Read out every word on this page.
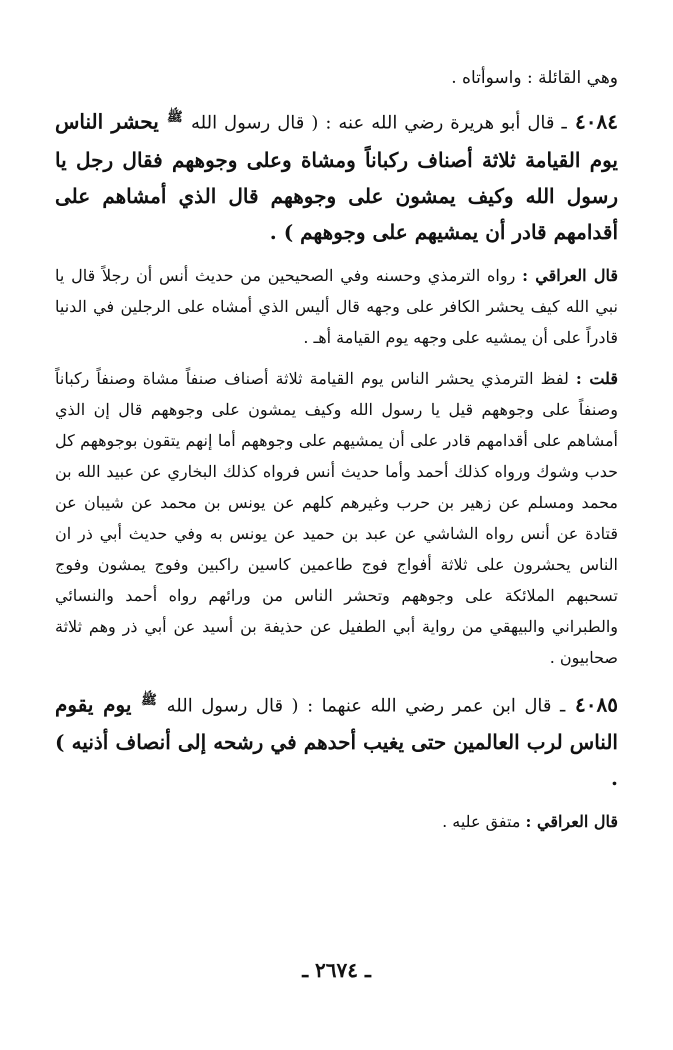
وهي القائلة : واسوأتاه .

٤٠٨٤ ـ قال أبو هريرة رضي الله عنه : ( قال رسول الله $^ﷺ$ يحشر الناس يوم القيامة ثلاثة أصناف ركباناً ومشاة وعلى وجوههم فقال رجل يا رسول الله وكيف يمشون على وجوههم قال الذي أمشاهم على أقدامهم قادر أن يمشيهم على وجوههم ) .

قال العراقي : رواه الترمذي وحسنه وفي الصحيحين من حديث أنس أن رجلاً قال يا نبي الله كيف يحشر الكافر على وجهه قال أليس الذي أمشاه على الرجلين في الدنيا قادراً على أن يمشيه على وجهه يوم القيامة أهـ .

قلت : لفظ الترمذي يحشر الناس يوم القيامة ثلاثة أصناف صنفاً مشاة وصنفاً ركباناً وصنفاً على وجوههم قيل يا رسول الله وكيف يمشون على وجوههم قال إن الذي أمشاهم على أقدامهم قادر على أن يمشيهم على وجوههم أما إنهم يتقون بوجوههم كل حدب وشوك ورواه كذلك أحمد وأما حديث أنس فرواه كذلك البخاري عن عبيد الله بن محمد ومسلم عن زهير بن حرب وغيرهم كلهم عن يونس بن محمد عن شيبان عن قتادة عن أنس رواه الشاشي عن عبد بن حميد عن يونس به وفي حديث أبي ذر ان الناس يحشرون على ثلاثة أفواج فوج طاعمين كاسين راكبين وفوج يمشون وفوج تسحبهم الملائكة على وجوههم وتحشر الناس من ورائهم رواه أحمد والنسائي والطبراني والبيهقي من رواية أبي الطفيل عن حذيفة بن أسيد عن أبي ذر وهم ثلاثة صحابيون .

٤٠٨٥ ـ قال ابن عمر رضي الله عنهما : ( قال رسول الله $^ﷺ$ يوم يقوم الناس لرب العالمين حتى يغيب أحدهم في رشحه إلى أنصاف أذنيه ) .

قال العراقي : متفق عليه .

ـ ٢٦٧٤ ـ
